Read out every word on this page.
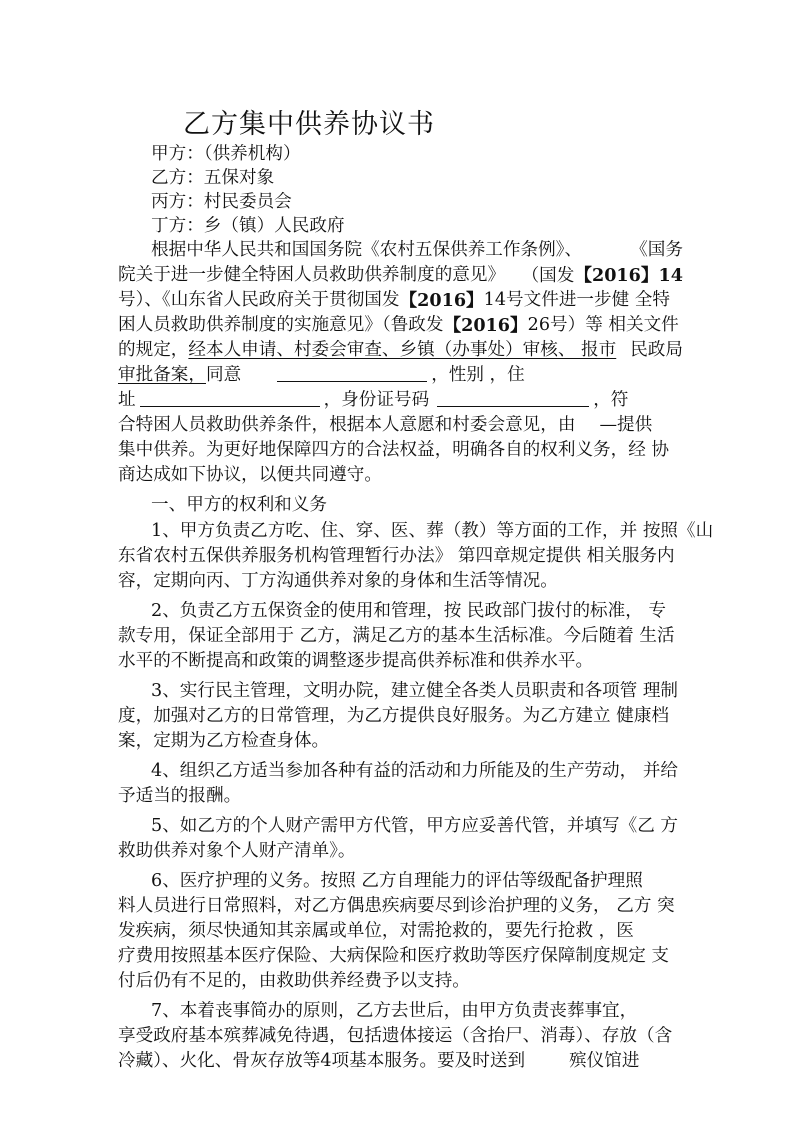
乙方集中供养协议书
甲方：（供养机构）
乙方：五保对象
丙方：村民委员会
丁方：乡（镇）人民政府
根据中华人民共和国国务院《农村五保供养工作条例》、	《国务
院关于进一步健全特困人员救助供养制度的意见》 （国发【2016】14
号）、《山东省人民政府关于贯彻国发 【2016】 14号文件进一步健 全特
困人员救助供养制度的实施意见》（鲁政发 【2016】 26号）等 相关文件
的规定，经本人申请、村委会审查、乡镇（办事处）审核、 报市 民政局
审批备案， 同意	，性别 ，住
址	，身份证号码	，符
合特困人员救助供养条件，根据本人意愿和村委会意见，由 —提供
集中供养。为更好地保障四方的合法权益，明确各自的权利义务，经 协
商达成如下协议，以便共同遵守。
一、甲方的权利和义务
1、甲方负责乙方吃、住、穿、医、葬（教）等方面的工作，并 按照《山
东省农村五保供养服务机构管理暂行办法》 第四章规定提供 相关服务内
容，定期向丙、丁方沟通供养对象的身体和生活等情况。
2、负责乙方五保资金的使用和管理，按 民政部门拔付的标准， 专
款专用，保证全部用于 乙方，满足乙方的基本生活标准。今后随着 生活
水平的不断提高和政策的调整逐步提高供养标准和供养水平。
3、实行民主管理，文明办院，建立健全各类人员职责和各项管 理制
度，加强对乙方的日常管理，为乙方提供良好服务。为乙方建立 健康档
案，定期为乙方检查身体。
4、组织乙方适当参加各种有益的活动和力所能及的生产劳动， 并给
予适当的报酬。
5、如乙方的个人财产需甲方代管，甲方应妥善代管，并填写《乙 方
救助供养对象个人财产清单》。
6、医疗护理的义务。按照 乙方自理能力的评估等级配备护理照
料人员进行日常照料，对乙方偶患疾病要尽到诊治护理的义务， 乙方 突
发疾病，须尽快通知其亲属或单位，对需抢救的，要先行抢救 ，医
疗费用按照基本医疗保险、大病保险和医疗救助等医疗保障制度规定 支
付后仍有不足的，由救助供养经费予以支持。
7、本着丧事简办的原则，乙方去世后，由甲方负责丧葬事宜，
享受政府基本殡葬减免待遇，包括遗体接运（含抬尸、消毒）、存放（含
冷藏）、火化、骨灰存放等4项基本服务。要及时送到	殡仪馆进
